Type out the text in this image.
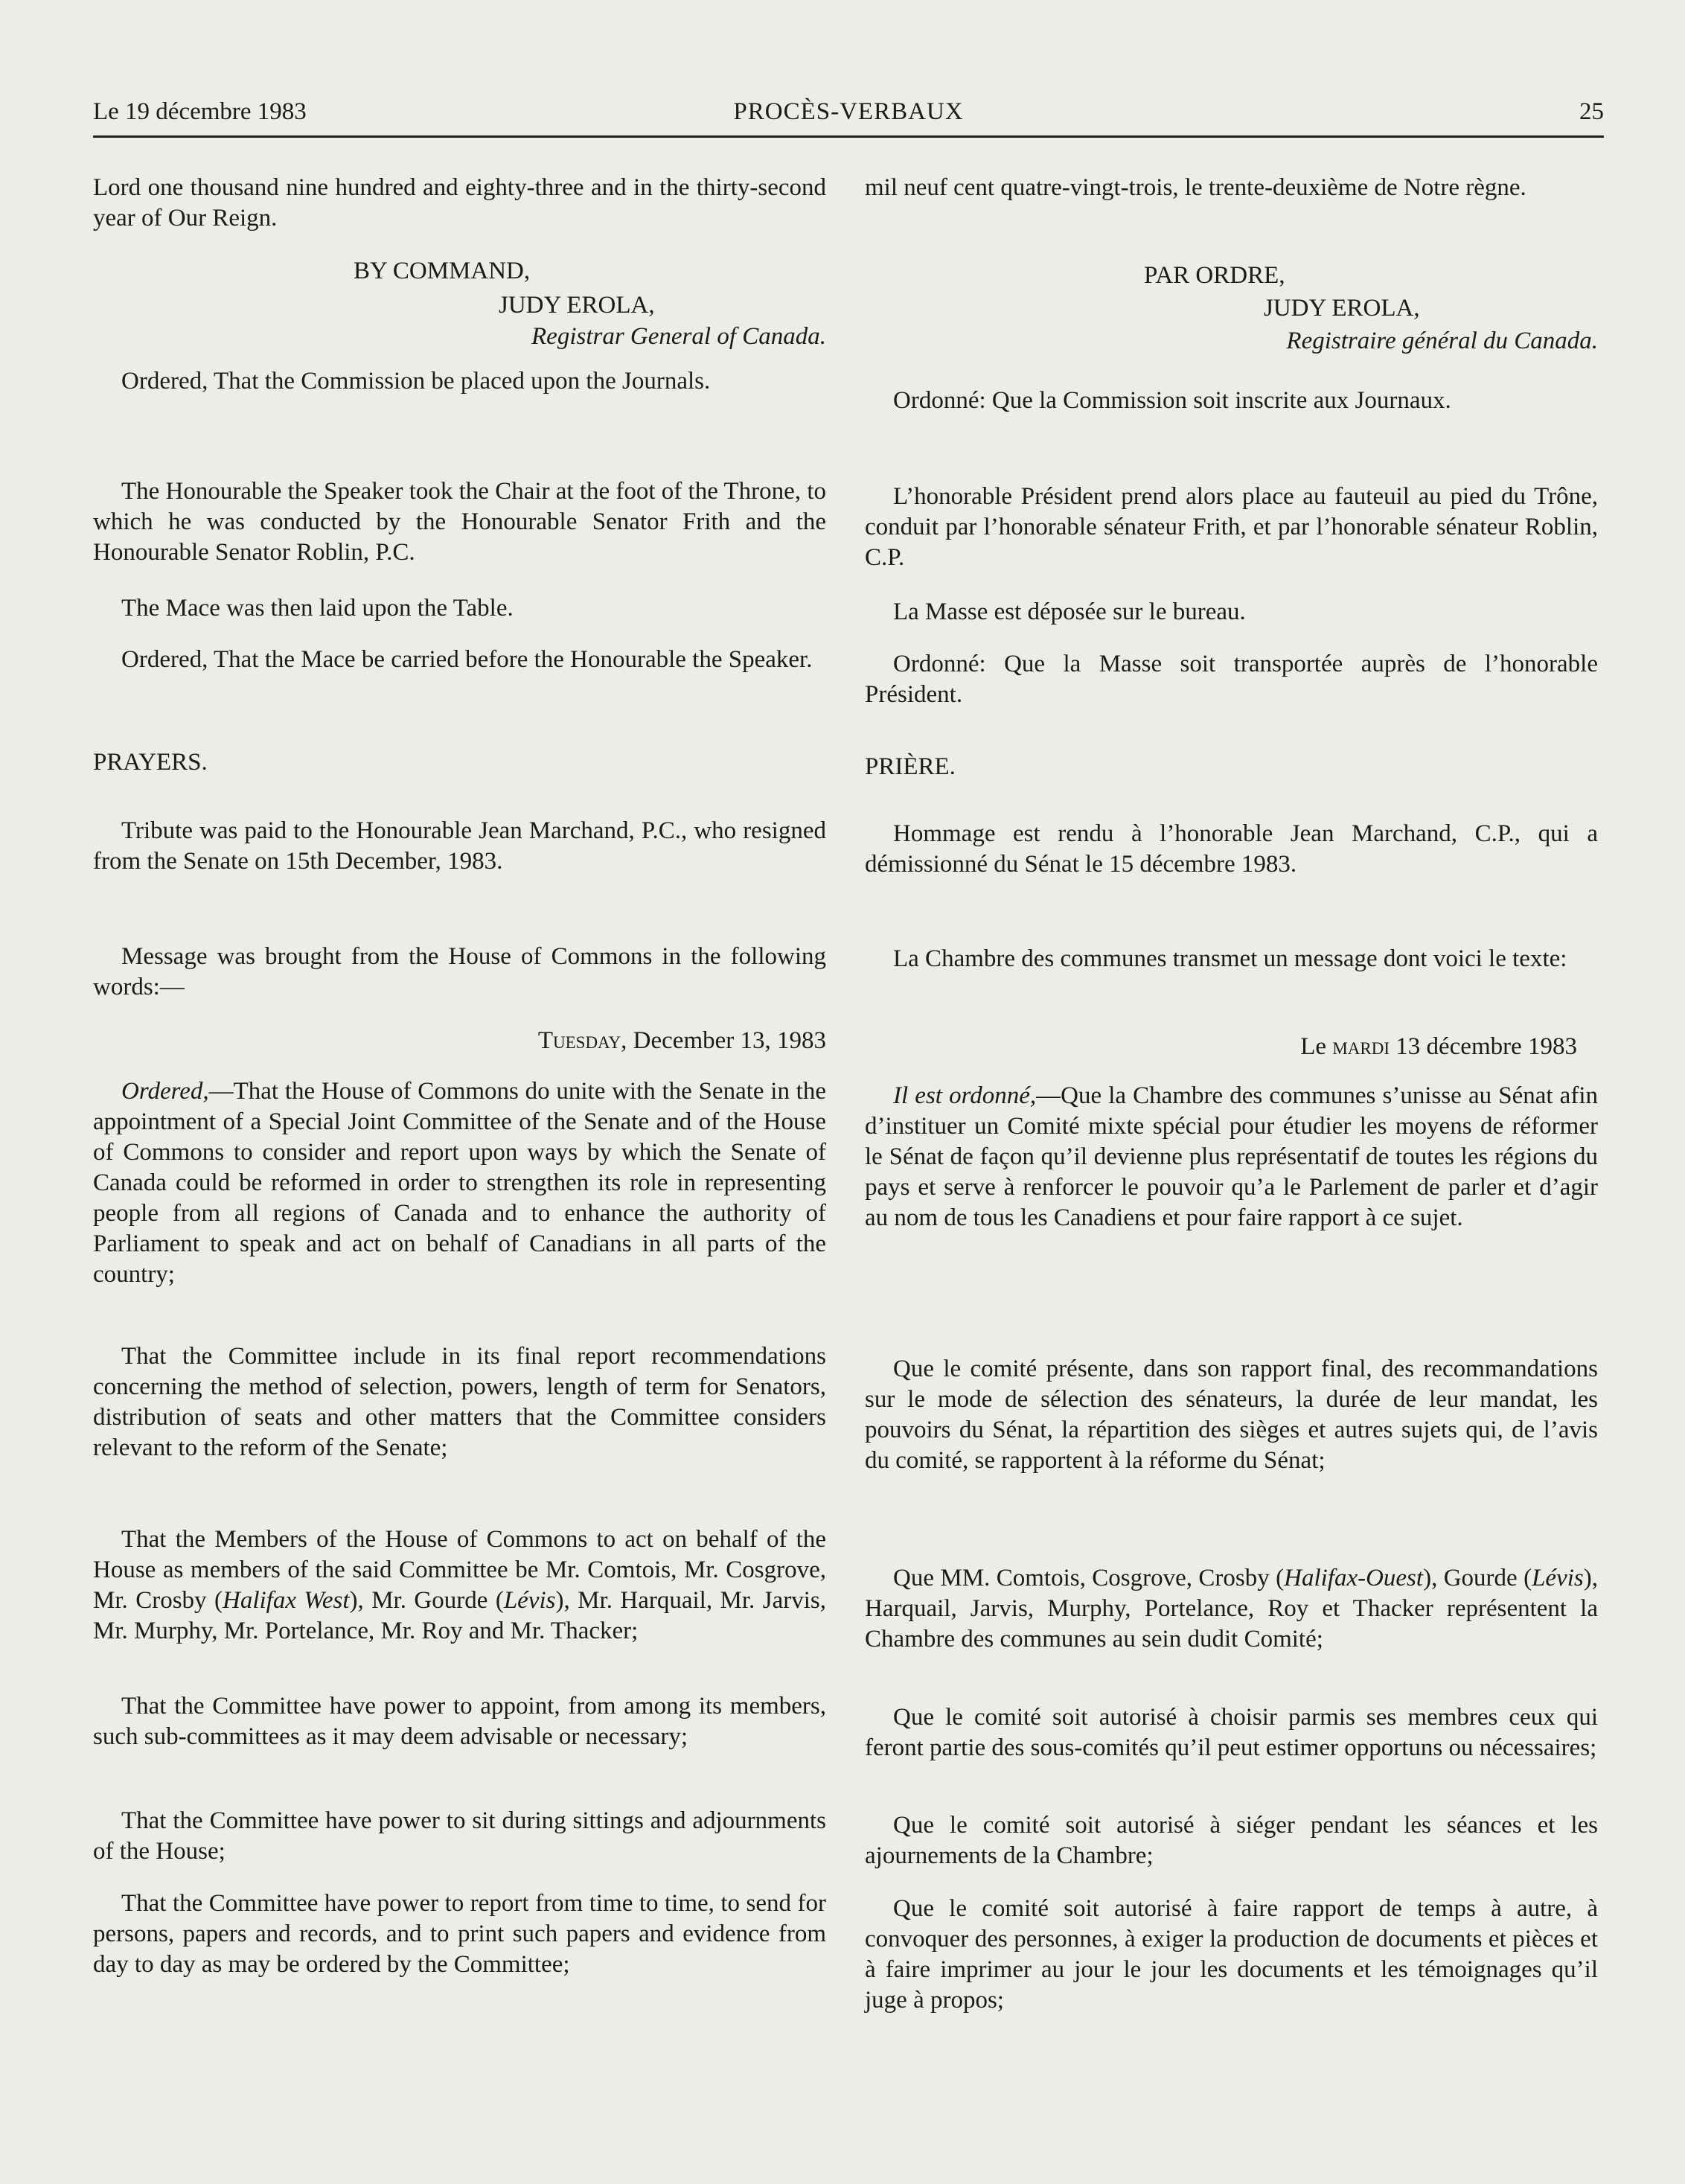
Le 19 décembre 1983	PROCÈS-VERBAUX	25

Lord one thousand nine hundred and eighty-three and in the thirty-second year of Our Reign.

BY COMMAND,

JUDY EROLA,

Registrar General of Canada.

Ordered, That the Commission be placed upon the Journals.

The Honourable the Speaker took the Chair at the foot of the Throne, to which he was conducted by the Honourable Senator Frith and the Honourable Senator Roblin, P.C.

The Mace was then laid upon the Table.

Ordered, That the Mace be carried before the Honourable the Speaker.

PRAYERS.

Tribute was paid to the Honourable Jean Marchand, P.C., who resigned from the Senate on 15th December, 1983.

Message was brought from the House of Commons in the following words:—

Tuesday, December 13, 1983

Ordered,—That the House of Commons do unite with the Senate in the appointment of a Special Joint Committee of the Senate and of the House of Commons to consider and report upon ways by which the Senate of Canada could be reformed in order to strengthen its role in representing people from all regions of Canada and to enhance the authority of Parliament to speak and act on behalf of Canadians in all parts of the country;

That the Committee include in its final report recommendations concerning the method of selection, powers, length of term for Senators, distribution of seats and other matters that the Committee considers relevant to the reform of the Senate;

That the Members of the House of Commons to act on behalf of the House as members of the said Committee be Mr. Comtois, Mr. Cosgrove, Mr. Crosby (Halifax West), Mr. Gourde (Lévis), Mr. Harquail, Mr. Jarvis, Mr. Murphy, Mr. Portelance, Mr. Roy and Mr. Thacker;

That the Committee have power to appoint, from among its members, such sub-committees as it may deem advisable or necessary;

That the Committee have power to sit during sittings and adjournments of the House;

That the Committee have power to report from time to time, to send for persons, papers and records, and to print such papers and evidence from day to day as may be ordered by the Committee;

mil neuf cent quatre-vingt-trois, le trente-deuxième de Notre règne.

PAR ORDRE,

JUDY EROLA,

Registraire général du Canada.

Ordonné: Que la Commission soit inscrite aux Journaux.

L’honorable Président prend alors place au fauteuil au pied du Trône, conduit par l’honorable sénateur Frith, et par l’honorable sénateur Roblin, C.P.

La Masse est déposée sur le bureau.

Ordonné: Que la Masse soit transportée auprès de l’honorable Président.

PRIÈRE.

Hommage est rendu à l’honorable Jean Marchand, C.P., qui a démissionné du Sénat le 15 décembre 1983.

La Chambre des communes transmet un message dont voici le texte:

Le mardi 13 décembre 1983

Il est ordonné,—Que la Chambre des communes s’unisse au Sénat afin d’instituer un Comité mixte spécial pour étudier les moyens de réformer le Sénat de façon qu’il devienne plus représentatif de toutes les régions du pays et serve à renforcer le pouvoir qu’a le Parlement de parler et d’agir au nom de tous les Canadiens et pour faire rapport à ce sujet.

Que le comité présente, dans son rapport final, des recommandations sur le mode de sélection des sénateurs, la durée de leur mandat, les pouvoirs du Sénat, la répartition des sièges et autres sujets qui, de l’avis du comité, se rapportent à la réforme du Sénat;

Que MM. Comtois, Cosgrove, Crosby (Halifax-Ouest), Gourde (Lévis), Harquail, Jarvis, Murphy, Portelance, Roy et Thacker représentent la Chambre des communes au sein dudit Comité;

Que le comité soit autorisé à choisir parmis ses membres ceux qui feront partie des sous-comités qu’il peut estimer opportuns ou nécessaires;

Que le comité soit autorisé à siéger pendant les séances et les ajournements de la Chambre;

Que le comité soit autorisé à faire rapport de temps à autre, à convoquer des personnes, à exiger la production de documents et pièces et à faire imprimer au jour le jour les documents et les témoignages qu’il juge à propos;
